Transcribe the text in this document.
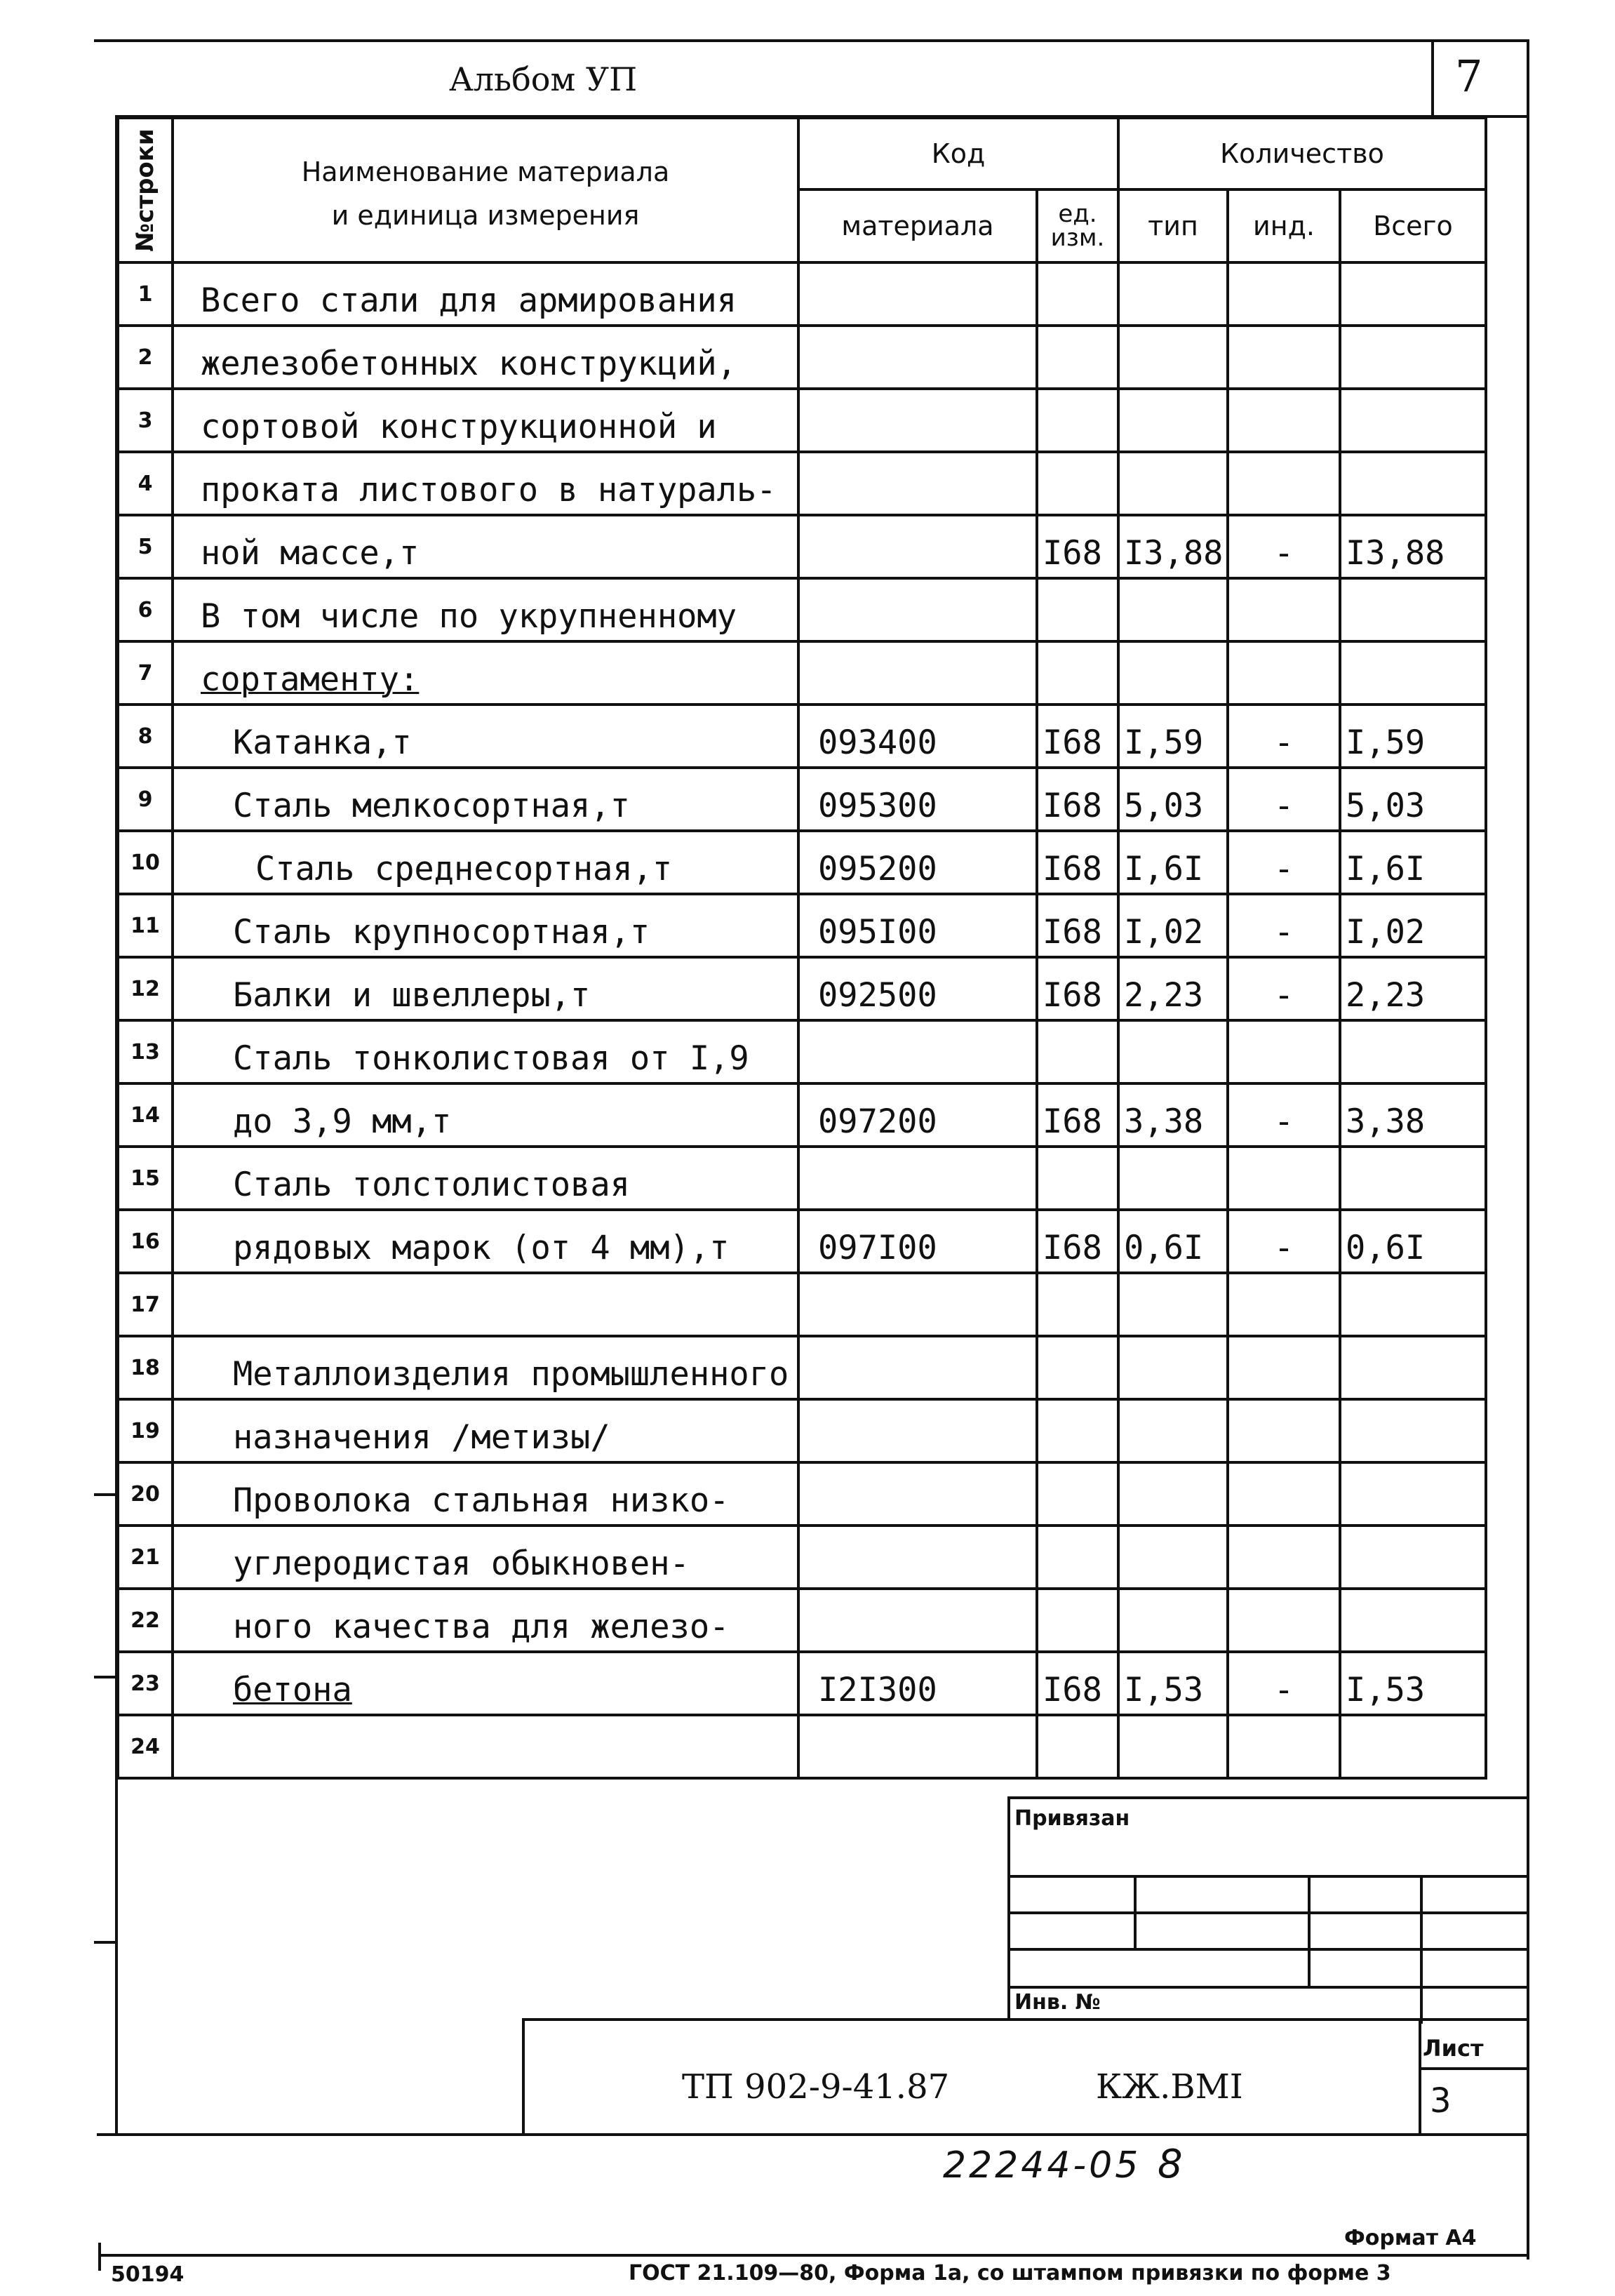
Альбом УП	7
№строки	Наименование материала
и единица измерения	Код		Количество		
		материала	ед. изм.	тип	инд.	Всего
1	Всего стали для армирования					
2	железобетонных конструкций,					
3	сортовой конструкционной и					
4	проката листового в натураль-					
5	ной массе,т		I68	I3,88	-	I3,88
6	В том числе по укрупненному					
7	сортаменту:					
8	Катанка,т	093400	I68	I,59	-	I,59
9	Сталь мелкосортная,т	095300	I68	5,03	-	5,03
10	Сталь среднесортная,т	095200	I68	I,6I	-	I,6I
11	Сталь крупносортная,т	095I00	I68	I,02	-	I,02
12	Балки и швеллеры,т	092500	I68	2,23	-	2,23
13	Сталь тонколистовая от I,9					
14	до 3,9 мм,т	097200	I68	3,38	-	3,38
15	Сталь толстолистовая					
16	рядовых марок (от 4 мм),т	097I00	I68	0,6I	-	0,6I
17						
18	Металлоизделия промышленного					
19	назначения /метизы/					
20	Проволока стальная низко-					
21	углеродистая обыкновен-					
22	ного качества для железо-					
23	бетона	I2I300	I68	I,53	-	I,53
24						
Привязан
Инв. №
ТП 902-9-41.87	КЖ.ВМI
Лист
3
22244-05 8
Формат А4
50194	ГОСТ 21.109—80, Форма 1а, со штампом привязки по форме 3
